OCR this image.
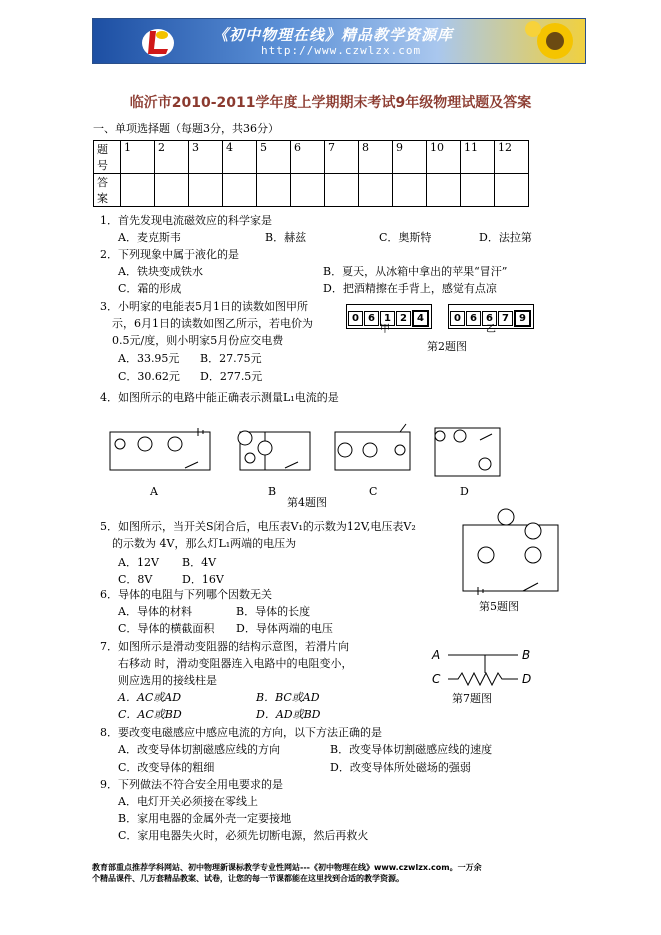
《初中物理在线》精品教学资源库
http://www.czwlzx.com
临沂市2010-2011学年度上学期期末考试9年级物理试题及答案
一、单项选择题（每题3分，共36分）
题号	1	2	3	4	5	6	7	8	9	10	11	12
答案												
1．首先发现电流磁效应的科学家是
A．麦克斯韦	B．赫兹	C．奥斯特	D．法拉第
2．下列现象中属于液化的是
A．铁块变成铁水	B．夏天，从冰箱中拿出的苹果“冒汗”
C．霜的形成	D．把酒精擦在手背上，感觉有点凉
3．小明家的电能表5月1日的读数如图甲所
示，6月1日的读数如图乙所示，若电价为
0.5元/度，则小明家5月份应交电费
A．33.95元 B．27.75元
C．30.62元 D．277.5元
0 6 1 2 4
甲
0 6 6 7 9
乙
第2题图
4．如图所示的电路中能正确表示测量L₁电流的是
A	B	C	D
第4题图
5．如图所示，当开关S闭合后，电压表V₁的示数为12V,电压表V₂
的示数为 4V，那么灯L₁两端的电压为
A．12V B．4V
C．8V	D．16V
第5题图
6．导体的电阻与下列哪个因数无关
A．导体的材料	B．导体的长度
C．导体的横截面积 D．导体两端的电压
7．如图所示是滑动变阻器的结构示意图，若滑片向
右移动 时，滑动变阻器连入电路中的电阻变小，
则应选用的接线柱是
A．AC或AD	B．BC或AD
C．AC或BD	D．AD或BD
A
C
B
D
第7题图
8．要改变电磁感应中感应电流的方向，以下方法正确的是
A．改变导体切割磁感应线的方向	B．改变导体切割磁感应线的速度
C．改变导体的粗细	D．改变导体所处磁场的强弱
9．下列做法不符合安全用电要求的是
A．电灯开关必须接在零线上
B．家用电器的金属外壳一定要接地
C．家用电器失火时，必须先切断电源，然后再救火
教育部重点推荐学科网站、初中物理新课标教学专业性网站---《初中物理在线》www.czwlzx.com。一万余
个精品课件、几万套精品教案、试卷，让您的每一节课都能在这里找到合适的教学资源。
